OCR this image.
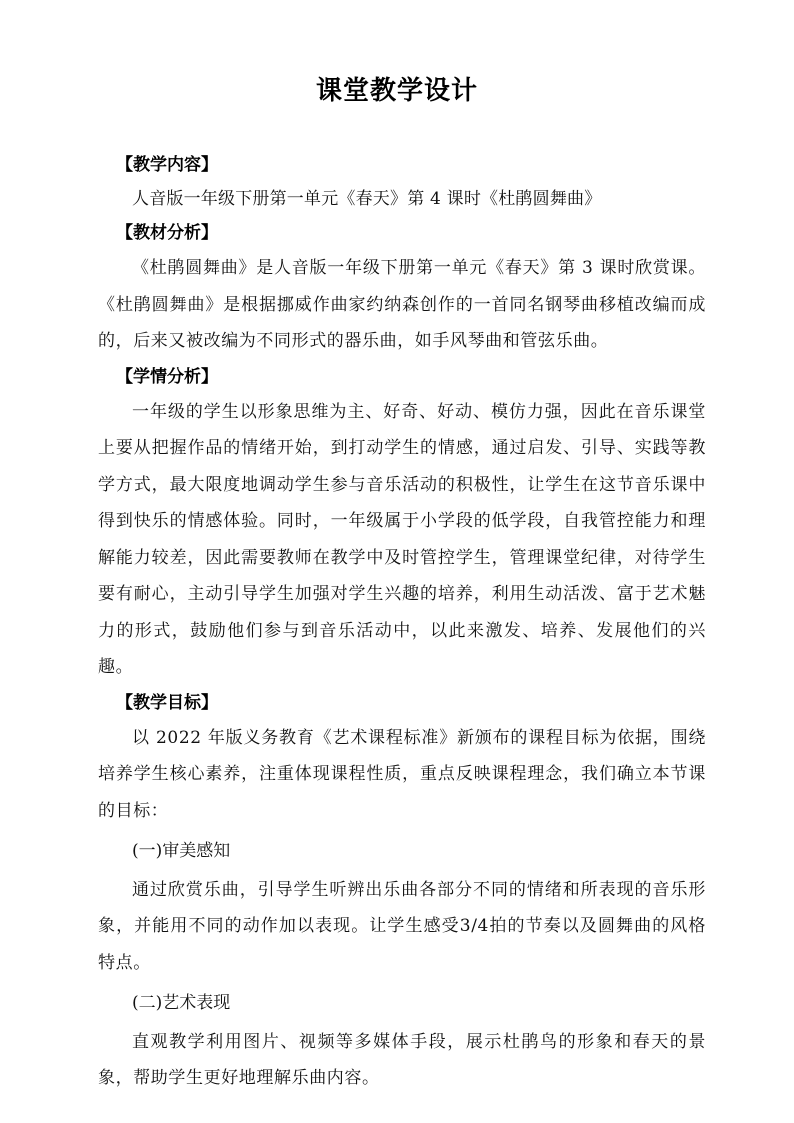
课堂教学设计
【教学内容】

人音版一年级下册第一单元《春天》第 4 课时《杜鹃圆舞曲》

【教材分析】

《杜鹃圆舞曲》是人音版一年级下册第一单元《春天》第 3 课时欣赏课。《杜鹃圆舞曲》是根据挪威作曲家约纳森创作的一首同名钢琴曲移植改编而成的，后来又被改编为不同形式的器乐曲，如手风琴曲和管弦乐曲。

【学情分析】

一年级的学生以形象思维为主、好奇、好动、模仿力强，因此在音乐课堂上要从把握作品的情绪开始，到打动学生的情感，通过启发、引导、实践等教学方式，最大限度地调动学生参与音乐活动的积极性，让学生在这节音乐课中得到快乐的情感体验。同时，一年级属于小学段的低学段，自我管控能力和理解能力较差，因此需要教师在教学中及时管控学生，管理课堂纪律，对待学生要有耐心，主动引导学生加强对学生兴趣的培养，利用生动活泼、富于艺术魅力的形式，鼓励他们参与到音乐活动中，以此来激发、培养、发展他们的兴趣。

【教学目标】

以 2022 年版义务教育《艺术课程标准》新颁布的课程目标为依据，围绕培养学生核心素养，注重体现课程性质，重点反映课程理念，我们确立本节课的目标：

(一)审美感知

通过欣赏乐曲，引导学生听辨出乐曲各部分不同的情绪和所表现的音乐形象，并能用不同的动作加以表现。让学生感受3/4拍的节奏以及圆舞曲的风格特点。

(二)艺术表现

直观教学利用图片、视频等多媒体手段，展示杜鹃鸟的形象和春天的景象，帮助学生更好地理解乐曲内容。
